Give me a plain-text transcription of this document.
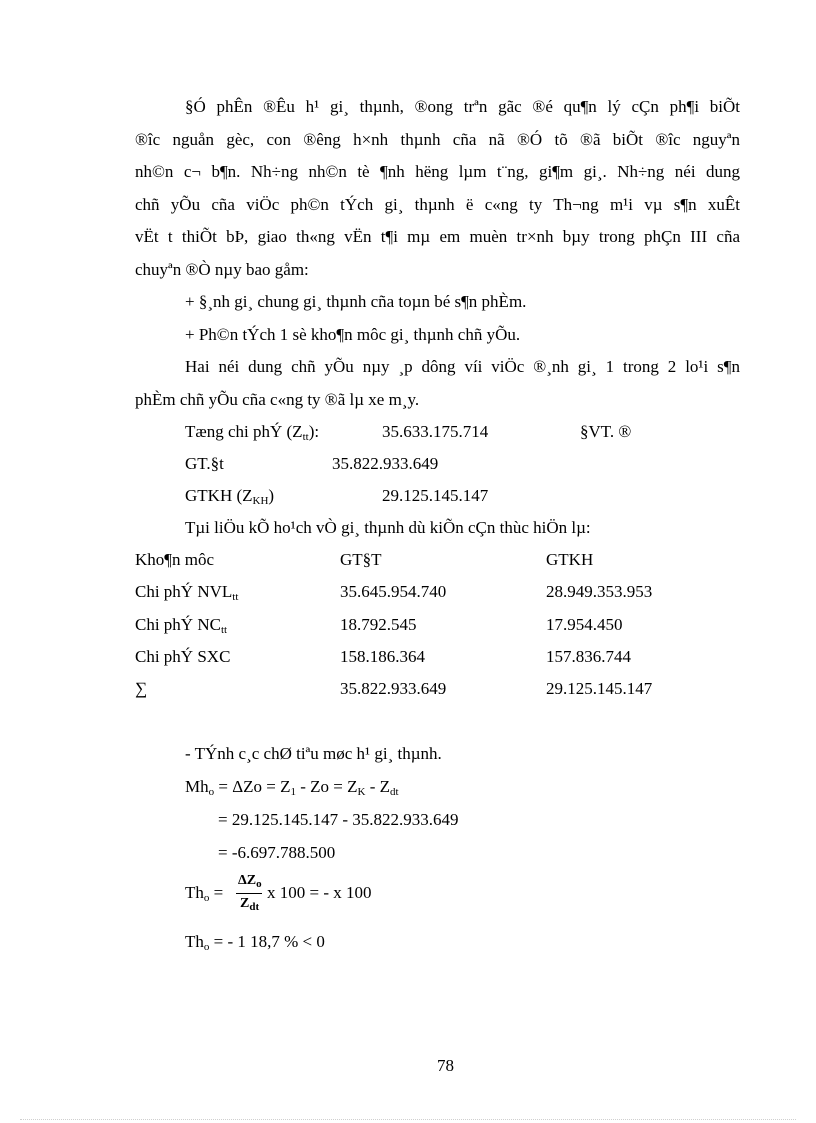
§Ó phÊn ®Êu h¹ gi¸ thµnh, ®ong trªn gãc ®é qu¶n lý cÇn ph¶i biÕt
®îc nguån gèc, con ®êng h×nh thµnh cña nã ®Ó tõ ®ã biÕt ®îc nguyªn
nh©n c¬ b¶n. Nh÷ng nh©n tè ¶nh hëng lµm t¨ng, gi¶m gi¸. Nh÷ng néi dung
chñ yÕu cña viÖc ph©n tÝch gi¸ thµnh ë c«ng ty Th¬ng m¹i vµ s¶n xuÊt
vËt t thiÕt bÞ, giao th«ng vËn t¶i mµ em muèn tr×nh bµy trong phÇn III cña
chuyªn ®Ò nµy bao gåm:
+ §¸nh gi¸ chung gi¸ thµnh cña toµn bé s¶n phÈm.
+ Ph©n tÝch 1 sè kho¶n môc gi¸ thµnh chñ yÕu.
Hai néi dung chñ yÕu nµy ¸p dông víi viÖc ®¸nh gi¸ 1 trong 2 lo¹i s¶n
phÈm chñ yÕu cña c«ng ty ®ã lµ xe m¸y.
Tæng chi phÝ $(Z_{tt})$:	35.633.175.714	§VT. ®
GT.§t	35.822.933.649
GTKH $(Z_{KH})$	29.125.145.147
Tµi liÖu kÕ ho¹ch vÒ gi¸ thµnh dù kiÕn cÇn thùc hiÖn lµ:
Kho¶n môc	GT§T	GTKH
Chi phÝ $NVL_{tt}$	35.645.954.740	28.949.353.953
Chi phÝ $NC_{tt}$	18.792.545	17.954.450
Chi phÝ SXC	158.186.364	157.836.744
∑	35.822.933.649	29.125.145.147
- TÝnh c¸c chØ tiªu møc h¹ gi¸ thµnh.
$Mh_o = \Delta Zo = Z_1 - Zo = Z_K - Z_{dt}$
= 29.125.145.147 - 35.822.933.649
= -6.697.788.500
$Th_o$ =
$\Delta Z_o$
$Z_{dt}$
x 100 = - x 100
$Th_o$ = - 1 18,7 % < 0
78
